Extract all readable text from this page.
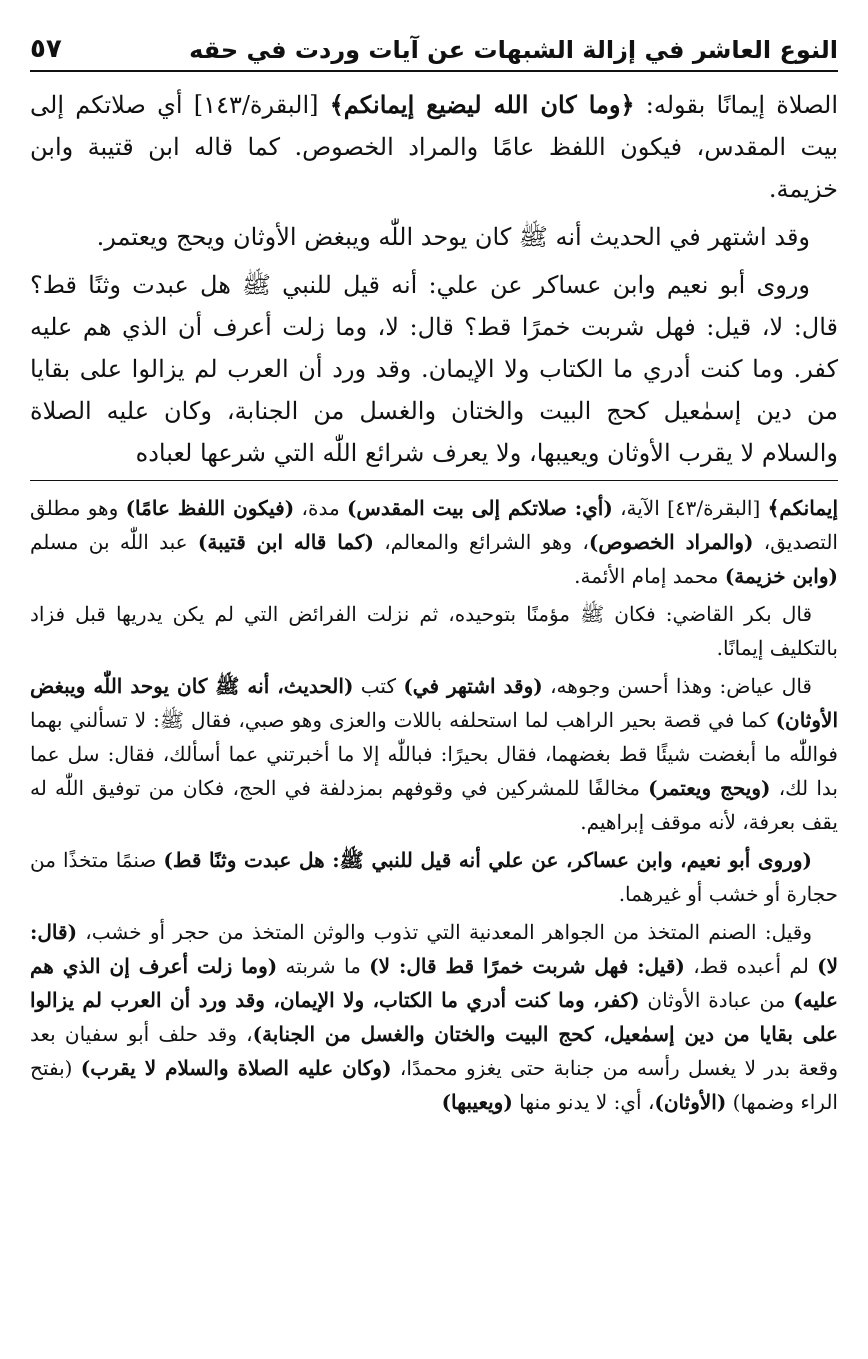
النوع العاشر في إزالة الشبهات عن آيات وردت في حقه
٥٧

الصلاة إيمانًا بقوله: ﴿وما كان الله ليضيع إيمانكم﴾ [البقرة/١٤٣] أي صلاتكم إلى بيت المقدس، فيكون اللفظ عامًا والمراد الخصوص. كما قاله ابن قتيبة وابن خزيمة.

وقد اشتهر في الحديث أنه ﷺ كان يوحد اللّٰه ويبغض الأوثان ويحج ويعتمر.

وروى أبو نعيم وابن عساكر عن علي: أنه قيل للنبي ﷺ هل عبدت وثنًا قط؟ قال: لا، قيل: فهل شربت خمرًا قط؟ قال: لا، وما زلت أعرف أن الذي هم عليه كفر. وما كنت أدري ما الكتاب ولا الإيمان. وقد ورد أن العرب لم يزالوا على بقايا من دين إسمٰعيل كحج البيت والختان والغسل من الجنابة، وكان عليه الصلاة والسلام لا يقرب الأوثان ويعيبها، ولا يعرف شرائع اللّٰه التي شرعها لعباده

إيمانكم﴾ [البقرة/٤٣] الآية، (أي: صلاتكم إلى بيت المقدس) مدة، (فيكون اللفظ عامًا) وهو مطلق التصديق، (والمراد الخصوص)، وهو الشرائع والمعالم، (كما قاله ابن قتيبة) عبد اللّٰه بن مسلم (وابن خزيمة) محمد إمام الأئمة.

قال بكر القاضي: فكان ﷺ مؤمنًا بتوحيده، ثم نزلت الفرائض التي لم يكن يدريها قبل فزاد بالتكليف إيمانًا.

قال عياض: وهذا أحسن وجوهه، (وقد اشتهر في) كتب (الحديث، أنه ﷺ كان يوحد اللّٰه ويبغض الأوثان) كما في قصة بحير الراهب لما استحلفه باللات والعزى وهو صبي، فقال ﷺ: لا تسألني بهما فواللّٰه ما أبغضت شيئًا قط بغضهما، فقال بحيرًا: فباللّٰه إلا ما أخبرتني عما أسألك، فقال: سل عما بدا لك، (ويحج ويعتمر) مخالفًا للمشركين في وقوفهم بمزدلفة في الحج، فكان من توفيق اللّٰه له يقف بعرفة، لأنه موقف إبراهيم.

(وروى أبو نعيم، وابن عساكر، عن علي أنه قيل للنبي ﷺ: هل عبدت وثنًا قط) صنمًا متخذًا من حجارة أو خشب أو غيرهما.

وقيل: الصنم المتخذ من الجواهر المعدنية التي تذوب والوثن المتخذ من حجر أو خشب، (قال: لا) لم أعبده قط، (قيل: فهل شربت خمرًا قط قال: لا) ما شربته (وما زلت أعرف إن الذي هم عليه) من عبادة الأوثان (كفر، وما كنت أدري ما الكتاب، ولا الإيمان، وقد ورد أن العرب لم يزالوا على بقايا من دين إسمٰعيل، كحج البيت والختان والغسل من الجنابة)، وقد حلف أبو سفيان بعد وقعة بدر لا يغسل رأسه من جنابة حتى يغزو محمدًا، (وكان عليه الصلاة والسلام لا يقرب) (بفتح الراء وضمها) (الأوثان)، أي: لا يدنو منها (ويعيبها)
